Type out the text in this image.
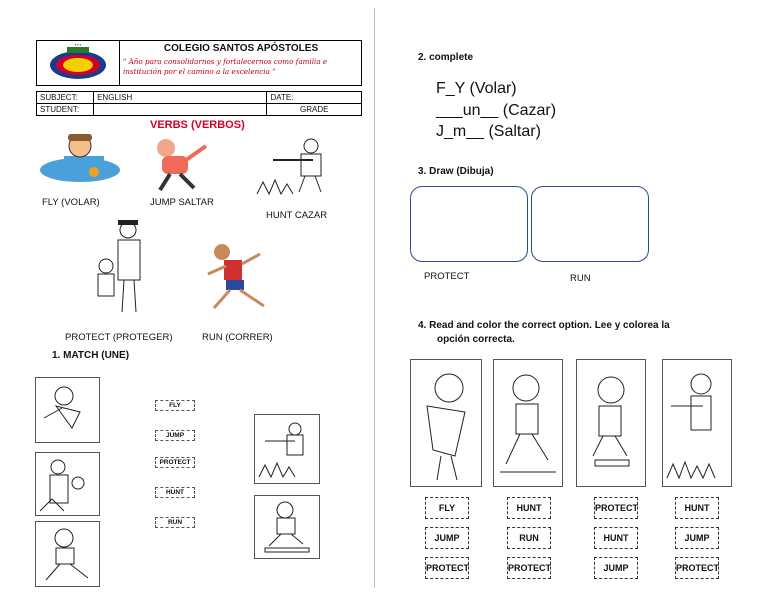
▪ ▪ ▪	COLEGIO SANTOS APÓSTOLES
" Año para consolidarnos y fortalecernos como familia e institución por el camino a la excelencia "
SUBJECT:	ENGLISH	DATE:
STUDENT:		GRADE
VERBS (VERBOS)
FLY (VOLAR)	JUMP SALTAR
HUNT CAZAR
PROTECT (PROTEGER)	RUN (CORRER)
1. MATCH (UNE)
FLY
JUMP
PROTECT
HUNT
RUN
2. complete
F_Y (Volar)
___un__ (Cazar)
J_m__ (Saltar)
3. Draw (Dibuja)
PROTECT	RUN
4. Read and color the correct option. Lee y colorea la
opción correcta.
FLY
JUMP
PROTECT
HUNT
RUN
PROTECT
PROTECT
HUNT
JUMP
HUNT
JUMP
PROTECT
